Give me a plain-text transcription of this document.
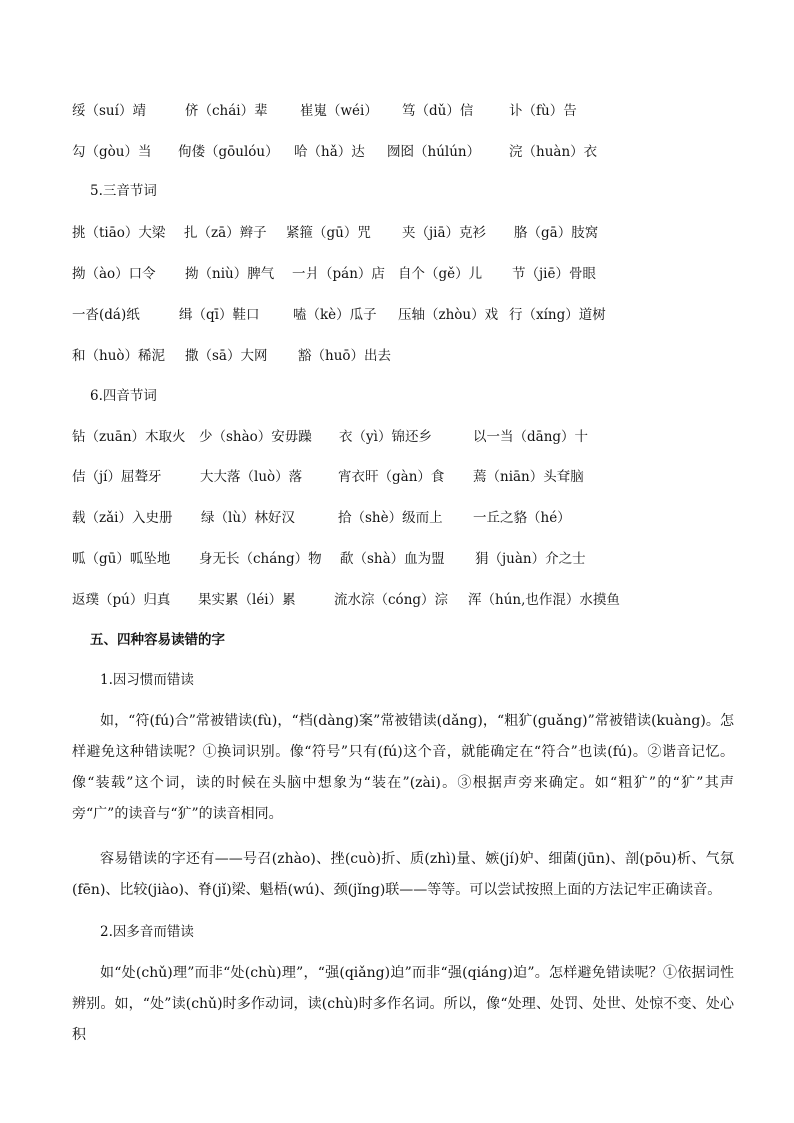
绥（suí）靖	侪（chái）辈 崔嵬（wéi） 笃（dǔ）信	讣（fù）告
勾（gòu）当 佝偻（gōulóu） 哈（hǎ）达 囫囵（húlún） 浣（huàn）衣
5.三音节词
挑（tiāo）大梁 扎（zā）辫子 紧箍（gū）咒 夹（jiā）克衫 胳（gā）肢窝
拗（ào）口令 拗（niù）脾气 一爿（pán）店 自个（gě）儿 节（jiē）骨眼
一沓(dá)纸	缉（qī）鞋口 嗑（kè）瓜子 压轴（zhòu）戏 行（xíng）道树
和（huò）稀泥 撒（sā）大网 豁（huō）出去
6.四音节词
钻（zuān）木取火 少（shào）安毋躁 衣（yì）锦还乡	以一当（dāng）十
佶（jí）屈聱牙	大大落（luò）落	宵衣旰（gàn）食 蔫（niān）头耷脑
载（zǎi）入史册 绿（lù）林好汉	拾（shè）级而上 一丘之貉（hé）
呱（gū）呱坠地 身无长（cháng）物 歃（shà）血为盟 狷（juàn）介之士
返璞（pú）归真 果实累（léi）累	流水淙（cóng）淙 浑（hún,也作混）水摸鱼
五、四种容易读错的字
1.因习惯而错读

如，“符(fú)合”常被错读(fù)，“档(dàng)案”常被错读(dǎng)，“粗犷(guǎng)”常被错读(kuàng)。怎样避免这种错读呢？①换词识别。像“符号”只有(fú)这个音，就能确定在“符合”也读(fú)。②谐音记忆。像“装载”这个词，读的时候在头脑中想象为“装在”(zài)。③根据声旁来确定。如“粗犷”的“犷”其声旁“广”的读音与“犷”的读音相同。

容易错读的字还有——号召(zhào)、挫(cuò)折、质(zhì)量、嫉(jí)妒、细菌(jūn)、剖(pōu)析、气氛(fēn)、比较(jiào)、脊(jǐ)梁、魁梧(wú)、颈(jǐng)联——等等。可以尝试按照上面的方法记牢正确读音。

2.因多音而错读

如“处(chǔ)理”而非“处(chù)理”，“强(qiǎng)迫”而非“强(qiáng)迫”。怎样避免错读呢？①依据词性辨别。如，“处”读(chǔ)时多作动词，读(chù)时多作名词。所以，像“处理、处罚、处世、处惊不变、处心积
